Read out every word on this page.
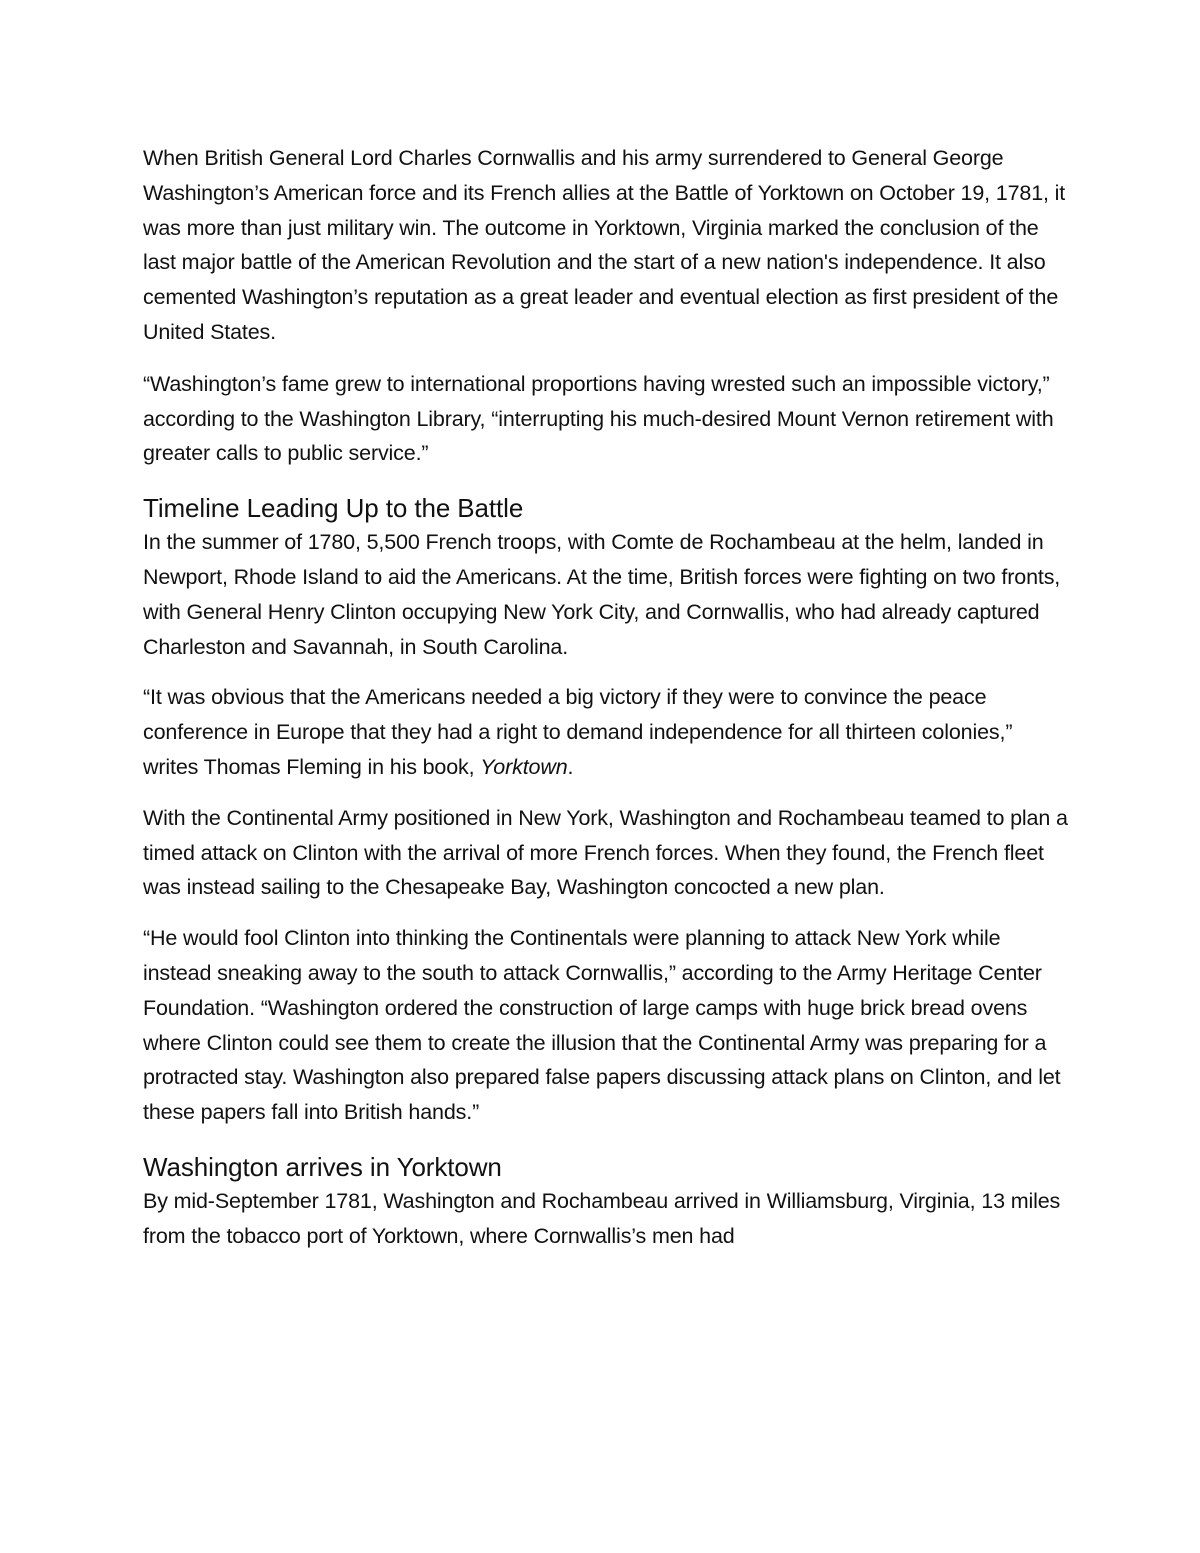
When British General Lord Charles Cornwallis and his army surrendered to General George Washington’s American force and its French allies at the Battle of Yorktown on October 19, 1781, it was more than just military win. The outcome in Yorktown, Virginia marked the conclusion of the last major battle of the American Revolution and the start of a new nation's independence. It also cemented Washington’s reputation as a great leader and eventual election as first president of the United States.

“Washington’s fame grew to international proportions having wrested such an impossible victory,” according to the Washington Library, “interrupting his much-desired Mount Vernon retirement with greater calls to public service.”

Timeline Leading Up to the Battle

In the summer of 1780, 5,500 French troops, with Comte de Rochambeau at the helm, landed in Newport, Rhode Island to aid the Americans. At the time, British forces were fighting on two fronts, with General Henry Clinton occupying New York City, and Cornwallis, who had already captured Charleston and Savannah, in South Carolina.

“It was obvious that the Americans needed a big victory if they were to convince the peace conference in Europe that they had a right to demand independence for all thirteen colonies,” writes Thomas Fleming in his book, Yorktown.

With the Continental Army positioned in New York, Washington and Rochambeau teamed to plan a timed attack on Clinton with the arrival of more French forces. When they found, the French fleet was instead sailing to the Chesapeake Bay, Washington concocted a new plan.

“He would fool Clinton into thinking the Continentals were planning to attack New York while instead sneaking away to the south to attack Cornwallis,” according to the Army Heritage Center Foundation. “Washington ordered the construction of large camps with huge brick bread ovens where Clinton could see them to create the illusion that the Continental Army was preparing for a protracted stay. Washington also prepared false papers discussing attack plans on Clinton, and let these papers fall into British hands.”

Washington arrives in Yorktown

By mid-September 1781, Washington and Rochambeau arrived in Williamsburg, Virginia, 13 miles from the tobacco port of Yorktown, where Cornwallis’s men had
